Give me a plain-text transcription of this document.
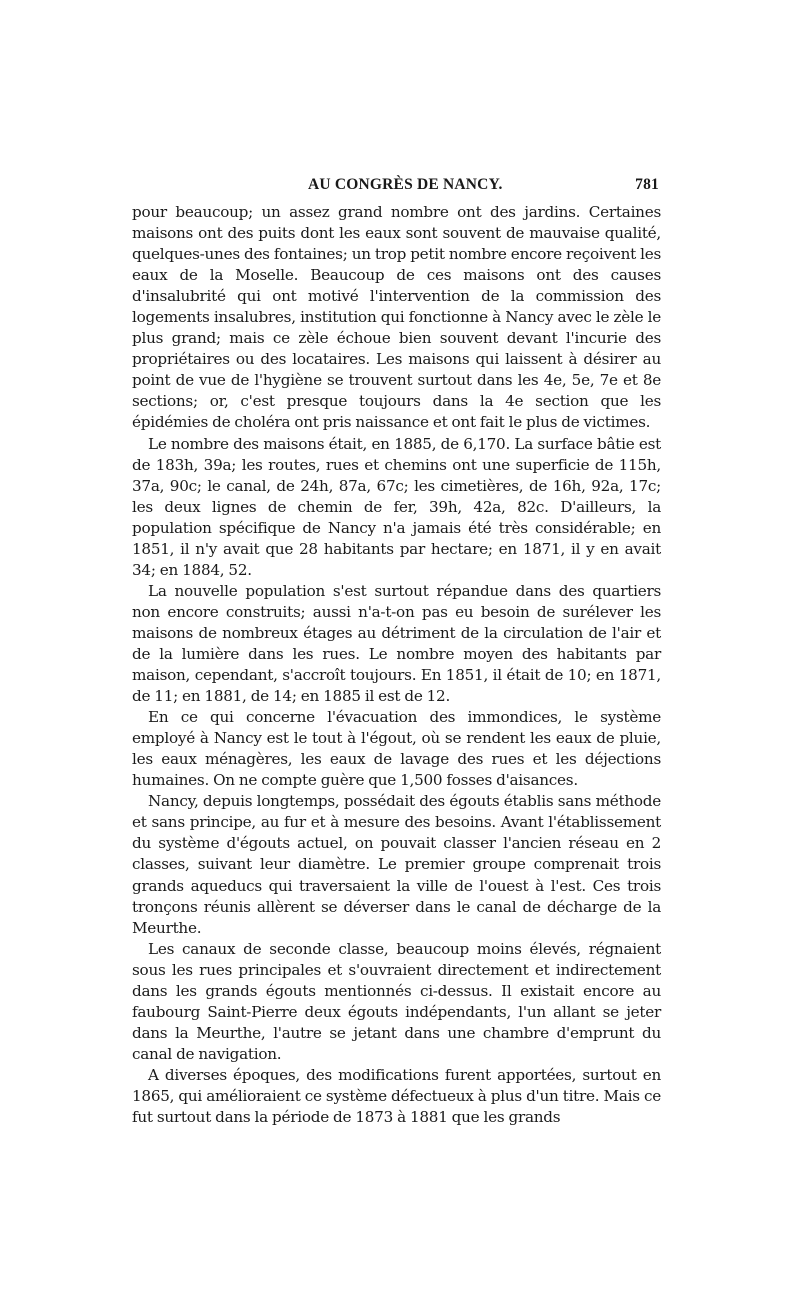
AU CONGRÈS DE NANCY.	781

pour beaucoup; un assez grand nombre ont des jardins. Certaines maisons ont des puits dont les eaux sont souvent de mauvaise qualité, quelques-unes des fontaines; un trop petit nombre encore reçoivent les eaux de la Moselle. Beaucoup de ces maisons ont des causes d'insalubrité qui ont motivé l'intervention de la commission des logements insalubres, institution qui fonctionne à Nancy avec le zèle le plus grand; mais ce zèle échoue bien souvent devant l'incurie des propriétaires ou des locataires. Les maisons qui laissent à désirer au point de vue de l'hygiène se trouvent surtout dans les 4e, 5e, 7e et 8e sections; or, c'est presque toujours dans la 4e section que les épidémies de choléra ont pris naissance et ont fait le plus de victimes.

Le nombre des maisons était, en 1885, de 6,170. La surface bâtie est de 183h, 39a; les routes, rues et chemins ont une superficie de 115h, 37a, 90c; le canal, de 24h, 87a, 67c; les cimetières, de 16h, 92a, 17c; les deux lignes de chemin de fer, 39h, 42a, 82c. D'ailleurs, la population spécifique de Nancy n'a jamais été très considérable; en 1851, il n'y avait que 28 habitants par hectare; en 1871, il y en avait 34; en 1884, 52.

La nouvelle population s'est surtout répandue dans des quartiers non encore construits; aussi n'a-t-on pas eu besoin de surélever les maisons de nombreux étages au détriment de la circulation de l'air et de la lumière dans les rues. Le nombre moyen des habitants par maison, cependant, s'accroît toujours. En 1851, il était de 10; en 1871, de 11; en 1881, de 14; en 1885 il est de 12.

En ce qui concerne l'évacuation des immondices, le système employé à Nancy est le tout à l'égout, où se rendent les eaux de pluie, les eaux ménagères, les eaux de lavage des rues et les déjections humaines. On ne compte guère que 1,500 fosses d'aisances.

Nancy, depuis longtemps, possédait des égouts établis sans méthode et sans principe, au fur et à mesure des besoins. Avant l'établissement du système d'égouts actuel, on pouvait classer l'ancien réseau en 2 classes, suivant leur diamètre. Le premier groupe comprenait trois grands aqueducs qui traversaient la ville de l'ouest à l'est. Ces trois tronçons réunis allèrent se déverser dans le canal de décharge de la Meurthe.

Les canaux de seconde classe, beaucoup moins élevés, régnaient sous les rues principales et s'ouvraient directement et indirectement dans les grands égouts mentionnés ci-dessus. Il existait encore au faubourg Saint-Pierre deux égouts indépendants, l'un allant se jeter dans la Meurthe, l'autre se jetant dans une chambre d'emprunt du canal de navigation.

A diverses époques, des modifications furent apportées, surtout en 1865, qui amélioraient ce système défectueux à plus d'un titre. Mais ce fut surtout dans la période de 1873 à 1881 que les grands
